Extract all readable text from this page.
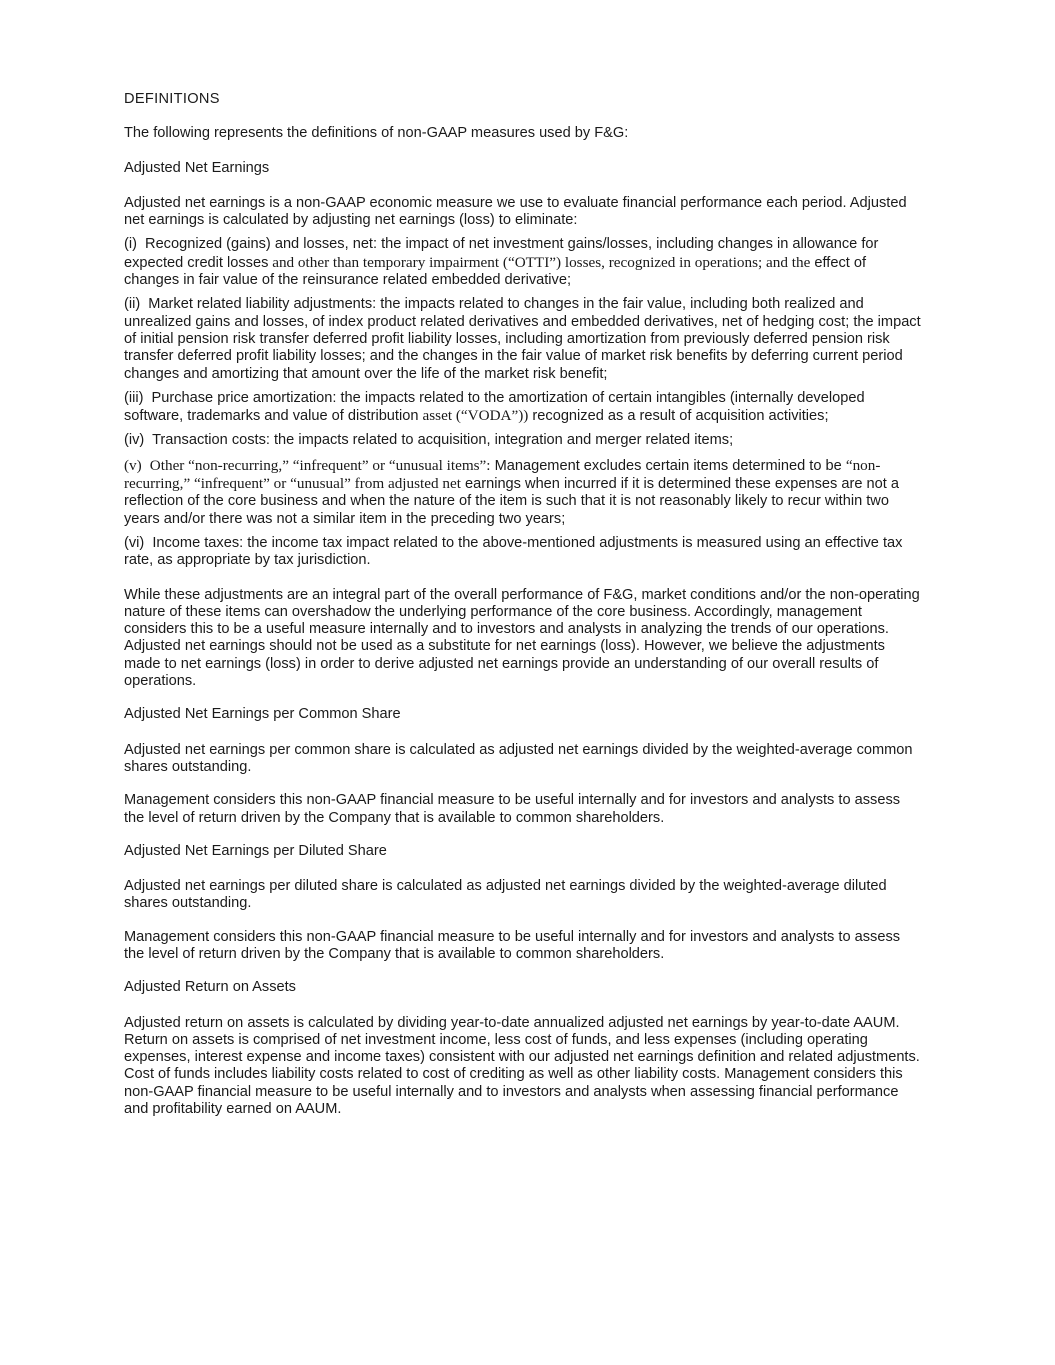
DEFINITIONS

The following represents the definitions of non-GAAP measures used by F&G:

Adjusted Net Earnings

Adjusted net earnings is a non-GAAP economic measure we use to evaluate financial performance each period. Adjusted net earnings is calculated by adjusting net earnings (loss) to eliminate:

(i) Recognized (gains) and losses, net: the impact of net investment gains/losses, including changes in allowance for expected credit losses and other than temporary impairment (“OTTI”) losses, recognized in operations; and the effect of changes in fair value of the reinsurance related embedded derivative;

(ii) Market related liability adjustments: the impacts related to changes in the fair value, including both realized and unrealized gains and losses, of index product related derivatives and embedded derivatives, net of hedging cost; the impact of initial pension risk transfer deferred profit liability losses, including amortization from previously deferred pension risk transfer deferred profit liability losses; and the changes in the fair value of market risk benefits by deferring current period changes and amortizing that amount over the life of the market risk benefit;

(iii) Purchase price amortization: the impacts related to the amortization of certain intangibles (internally developed software, trademarks and value of distribution asset (“VODA”)) recognized as a result of acquisition activities;

(iv) Transaction costs: the impacts related to acquisition, integration and merger related items;

(v) Other “non-recurring,” “infrequent” or “unusual items”: Management excludes certain items determined to be “non-recurring,” “infrequent” or “unusual” from adjusted net earnings when incurred if it is determined these expenses are not a reflection of the core business and when the nature of the item is such that it is not reasonably likely to recur within two years and/or there was not a similar item in the preceding two years;

(vi) Income taxes: the income tax impact related to the above-mentioned adjustments is measured using an effective tax rate, as appropriate by tax jurisdiction.

While these adjustments are an integral part of the overall performance of F&G, market conditions and/or the non-operating nature of these items can overshadow the underlying performance of the core business. Accordingly, management considers this to be a useful measure internally and to investors and analysts in analyzing the trends of our operations. Adjusted net earnings should not be used as a substitute for net earnings (loss). However, we believe the adjustments made to net earnings (loss) in order to derive adjusted net earnings provide an understanding of our overall results of operations.

Adjusted Net Earnings per Common Share

Adjusted net earnings per common share is calculated as adjusted net earnings divided by the weighted-average common shares outstanding.

Management considers this non-GAAP financial measure to be useful internally and for investors and analysts to assess the level of return driven by the Company that is available to common shareholders.

Adjusted Net Earnings per Diluted Share

Adjusted net earnings per diluted share is calculated as adjusted net earnings divided by the weighted-average diluted shares outstanding.

Management considers this non-GAAP financial measure to be useful internally and for investors and analysts to assess the level of return driven by the Company that is available to common shareholders.

Adjusted Return on Assets

Adjusted return on assets is calculated by dividing year-to-date annualized adjusted net earnings by year-to-date AAUM. Return on assets is comprised of net investment income, less cost of funds, and less expenses (including operating expenses, interest expense and income taxes) consistent with our adjusted net earnings definition and related adjustments. Cost of funds includes liability costs related to cost of crediting as well as other liability costs. Management considers this non-GAAP financial measure to be useful internally and to investors and analysts when assessing financial performance and profitability earned on AAUM.
